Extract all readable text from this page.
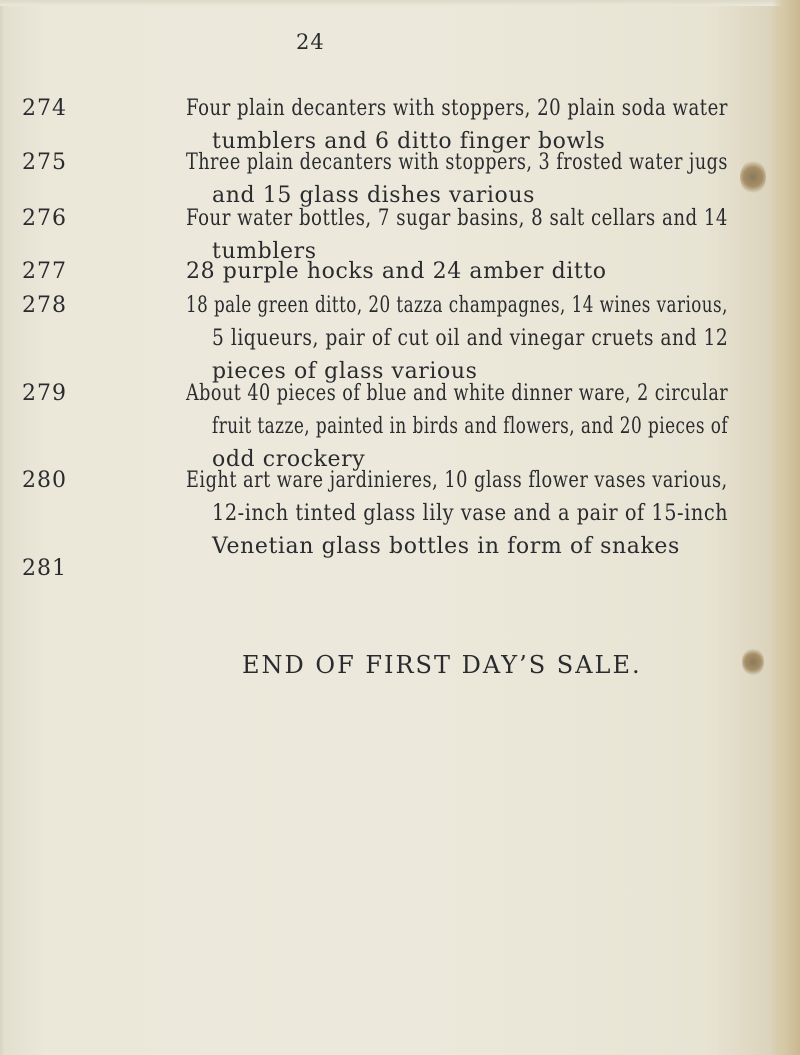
24
274	Four plain decanters with stoppers, 20 plain soda water
tumblers and 6 ditto finger bowls
275	Three plain decanters with stoppers, 3 frosted water jugs
and 15 glass dishes various
276	Four water bottles, 7 sugar basins, 8 salt cellars and 14
tumblers
277	28 purple hocks and 24 amber ditto
278	18 pale green ditto, 20 tazza champagnes, 14 wines various,
5 liqueurs, pair of cut oil and vinegar cruets and 12
pieces of glass various
279	About 40 pieces of blue and white dinner ware, 2 circular
fruit tazze, painted in birds and flowers, and 20 pieces of
odd crockery
280	Eight art ware jardinieres, 10 glass flower vases various,
12-inch tinted glass lily vase and a pair of 15-inch
Venetian glass bottles in form of snakes
281
END OF FIRST DAY’S SALE.
